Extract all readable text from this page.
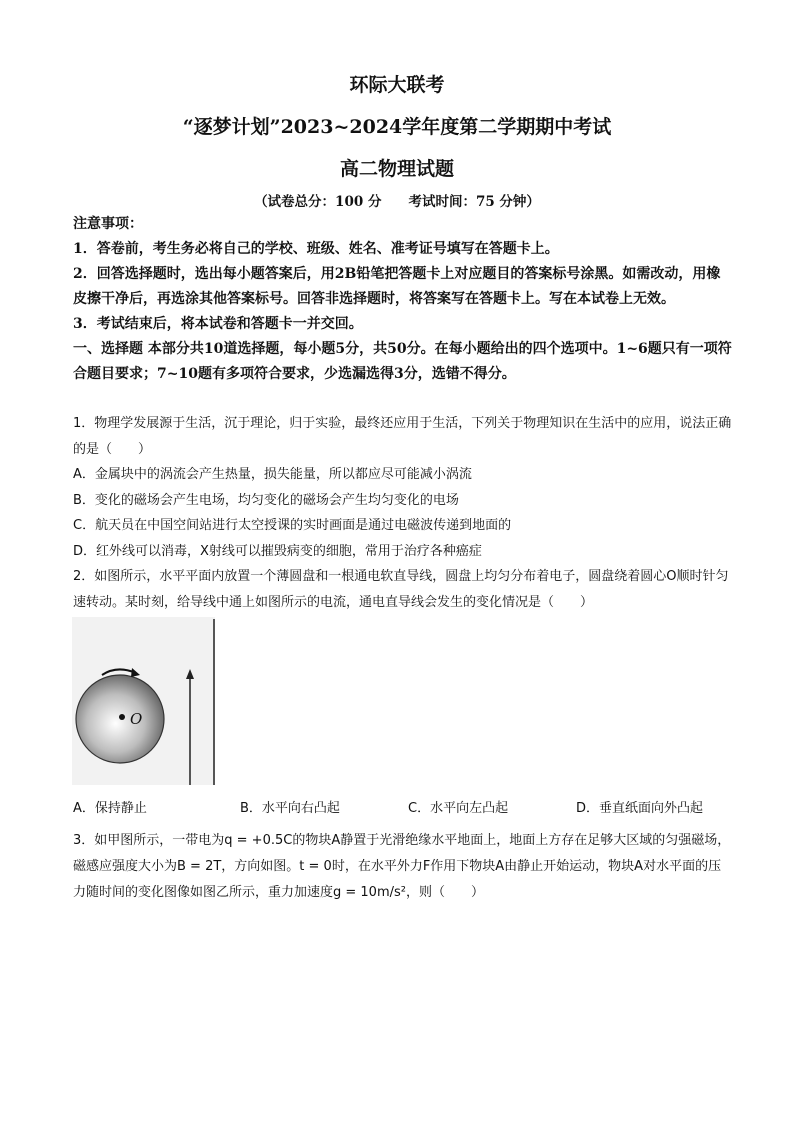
环际大联考
“逐梦计划”2023~2024学年度第二学期期中考试
高二物理试题
（试卷总分：100 分　　考试时间：75 分钟）

注意事项：

1．答卷前，考生务必将自己的学校、班级、姓名、准考证号填写在答题卡上。

2．回答选择题时，选出每小题答案后，用2B铅笔把答题卡上对应题目的答案标号涂黑。如需改动，用橡皮擦干净后，再选涂其他答案标号。回答非选择题时，将答案写在答题卡上。写在本试卷上无效。

3．考试结束后，将本试卷和答题卡一并交回。

一、选择题 本部分共10道选择题，每小题5分，共50分。在每小题给出的四个选项中。1~6题只有一项符合题目要求；7~10题有多项符合要求，少选漏选得3分，选错不得分。

1．物理学发展源于生活，沉于理论，归于实验，最终还应用于生活，下列关于物理知识在生活中的应用，说法正确的是（　　）

A．金属块中的涡流会产生热量，损失能量，所以都应尽可能减小涡流

B．变化的磁场会产生电场，均匀变化的磁场会产生均匀变化的电场

C．航天员在中国空间站进行太空授课的实时画面是通过电磁波传递到地面的

D．红外线可以消毒，X射线可以摧毁病变的细胞，常用于治疗各种癌症

2．如图所示，水平平面内放置一个薄圆盘和一根通电软直导线，圆盘上均匀分布着电子，圆盘绕着圆心O顺时针匀速转动。某时刻，给导线中通上如图所示的电流，通电直导线会发生的变化情况是（　　）

O
A．保持静止	B．水平向右凸起	C．水平向左凸起	D．垂直纸面向外凸起

3．如甲图所示，一带电为q = +0.5C的物块A静置于光滑绝缘水平地面上，地面上方存在足够大区域的匀强磁场，磁感应强度大小为B = 2T，方向如图。t = 0时，在水平外力F作用下物块A由静止开始运动，物块A对水平面的压力随时间的变化图像如图乙所示，重力加速度g = 10m/s²，则（　　）
